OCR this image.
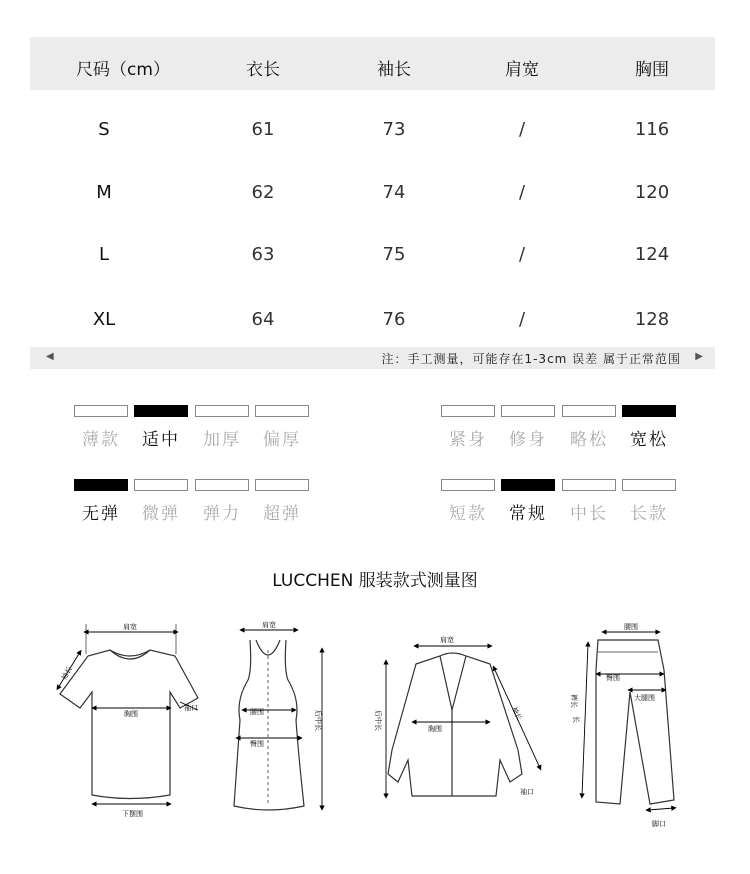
尺码（cm）	衣长	袖长	肩宽	胸围
S	61	73	/	116
M	62	74	/	120
L	63	75	/	124
XL	64	76	/	128
◀	注：手工测量，可能存在1-3cm 误差 属于正常范围 ▶
薄款	适中	加厚	偏厚	紧身	修身	略松	宽松
无弹	微弹	弹力	超弹	短款	常规	中长	长款
LUCCHEN 服装款式测量图
肩宽
胸围
下摆围
袖长
袖口
肩宽
腰围
臀围
后中长
肩宽
胸围
后中长	袖长
袖口
腰围
臀围
大腿围
裤长
长
脚口
